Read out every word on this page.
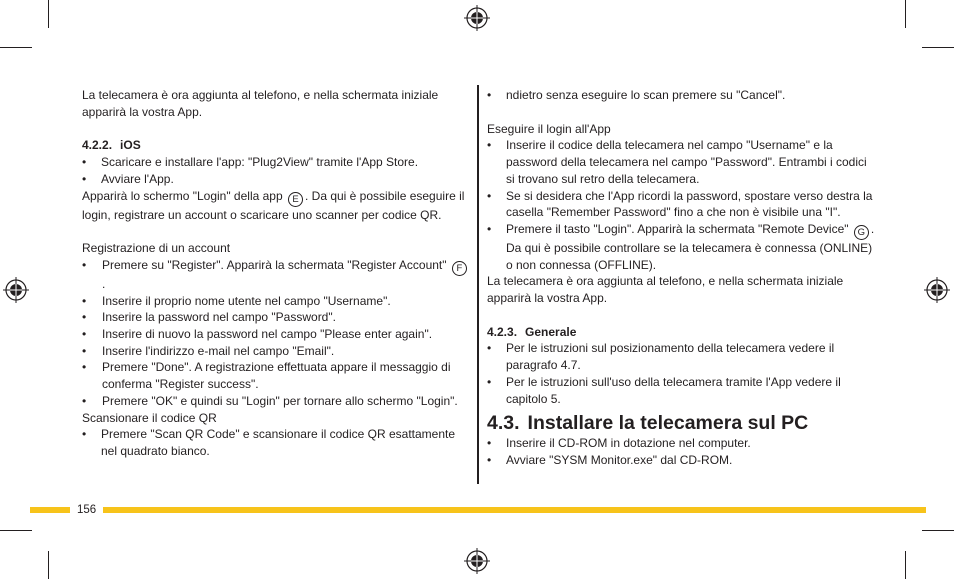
La telecamera è ora aggiunta al telefono, e nella schermata iniziale apparirà la vostra App.

4.2.2. iOS

• Scaricare e installare l'app: "Plug2View" tramite l'App Store.
• Avviare l'App.

Apparirà lo schermo "Login" della app E . Da qui è possibile eseguire il login, registrare un account o scaricare uno scanner per codice QR.

Registrazione di un account

• Premere su "Register". Apparirà la schermata "Register Account" F.
• Inserire il proprio nome utente nel campo "Username".
• Inserire la password nel campo "Password".
• Inserire di nuovo la password nel campo "Please enter again".
• Inserire l'indirizzo e-mail nel campo "Email".
• Premere "Done". A registrazione effettuata appare il messaggio di conferma "Register success".
• Premere "OK" e quindi su "Login" per tornare allo schermo "Login".

Scansionare il codice QR

• Premere "Scan QR Code" e scansionare il codice QR esattamente nel quadrato bianco.
• ndietro senza eseguire lo scan premere su "Cancel".

Eseguire il login all'App

• Inserire il codice della telecamera nel campo "Username" e la password della telecamera nel campo "Password". Entrambi i codici si trovano sul retro della telecamera.
• Se si desidera che l'App ricordi la password, spostare verso destra la casella "Remember Password" fino a che non è visibile una "I".
• Premere il tasto "Login". Apparirà la schermata "Remote Device" G . Da qui è possibile controllare se la telecamera è connessa (ONLINE) o non connessa (OFFLINE).

La telecamera è ora aggiunta al telefono, e nella schermata iniziale apparirà la vostra App.

4.2.3. Generale

• Per le istruzioni sul posizionamento della telecamera vedere il paragrafo 4.7.
• Per le istruzioni sull'uso della telecamera tramite l'App vedere il capitolo 5.

4.3. Installare la telecamera sul PC

• Inserire il CD-ROM in dotazione nel computer.
• Avviare "SYSM Monitor.exe" dal CD-ROM.
156
